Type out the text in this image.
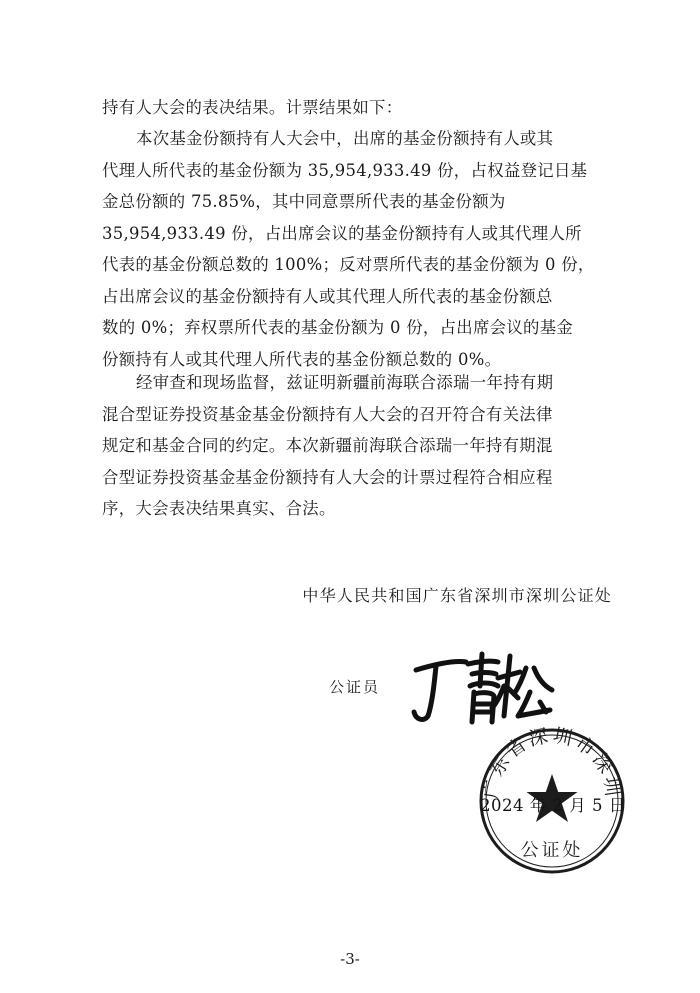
持有人大会的表决结果。计票结果如下：
本次基金份额持有人大会中，出席的基金份额持有人或其
代理人所代表的基金份额为 35,954,933.49 份，占权益登记日基
金总份额的 75.85%，其中同意票所代表的基金份额为
35,954,933.49 份，占出席会议的基金份额持有人或其代理人所
代表的基金份额总数的 100%；反对票所代表的基金份额为 0 份，
占出席会议的基金份额持有人或其代理人所代表的基金份额总
数的 0%；弃权票所代表的基金份额为 0 份，占出席会议的基金
份额持有人或其代理人所代表的基金份额总数的 0%。
经审查和现场监督，兹证明新疆前海联合添瑞一年持有期
混合型证券投资基金基金份额持有人大会的召开符合有关法律
规定和基金合同的约定。本次新疆前海联合添瑞一年持有期混
合型证券投资基金基金份额持有人大会的计票过程符合相应程
序，大会表决结果真实、合法。
中华人民共和国广东省深圳市深圳公证处
公证员
广东省深圳市深圳
公证处
2024 年 2 月 5 日
-3-
